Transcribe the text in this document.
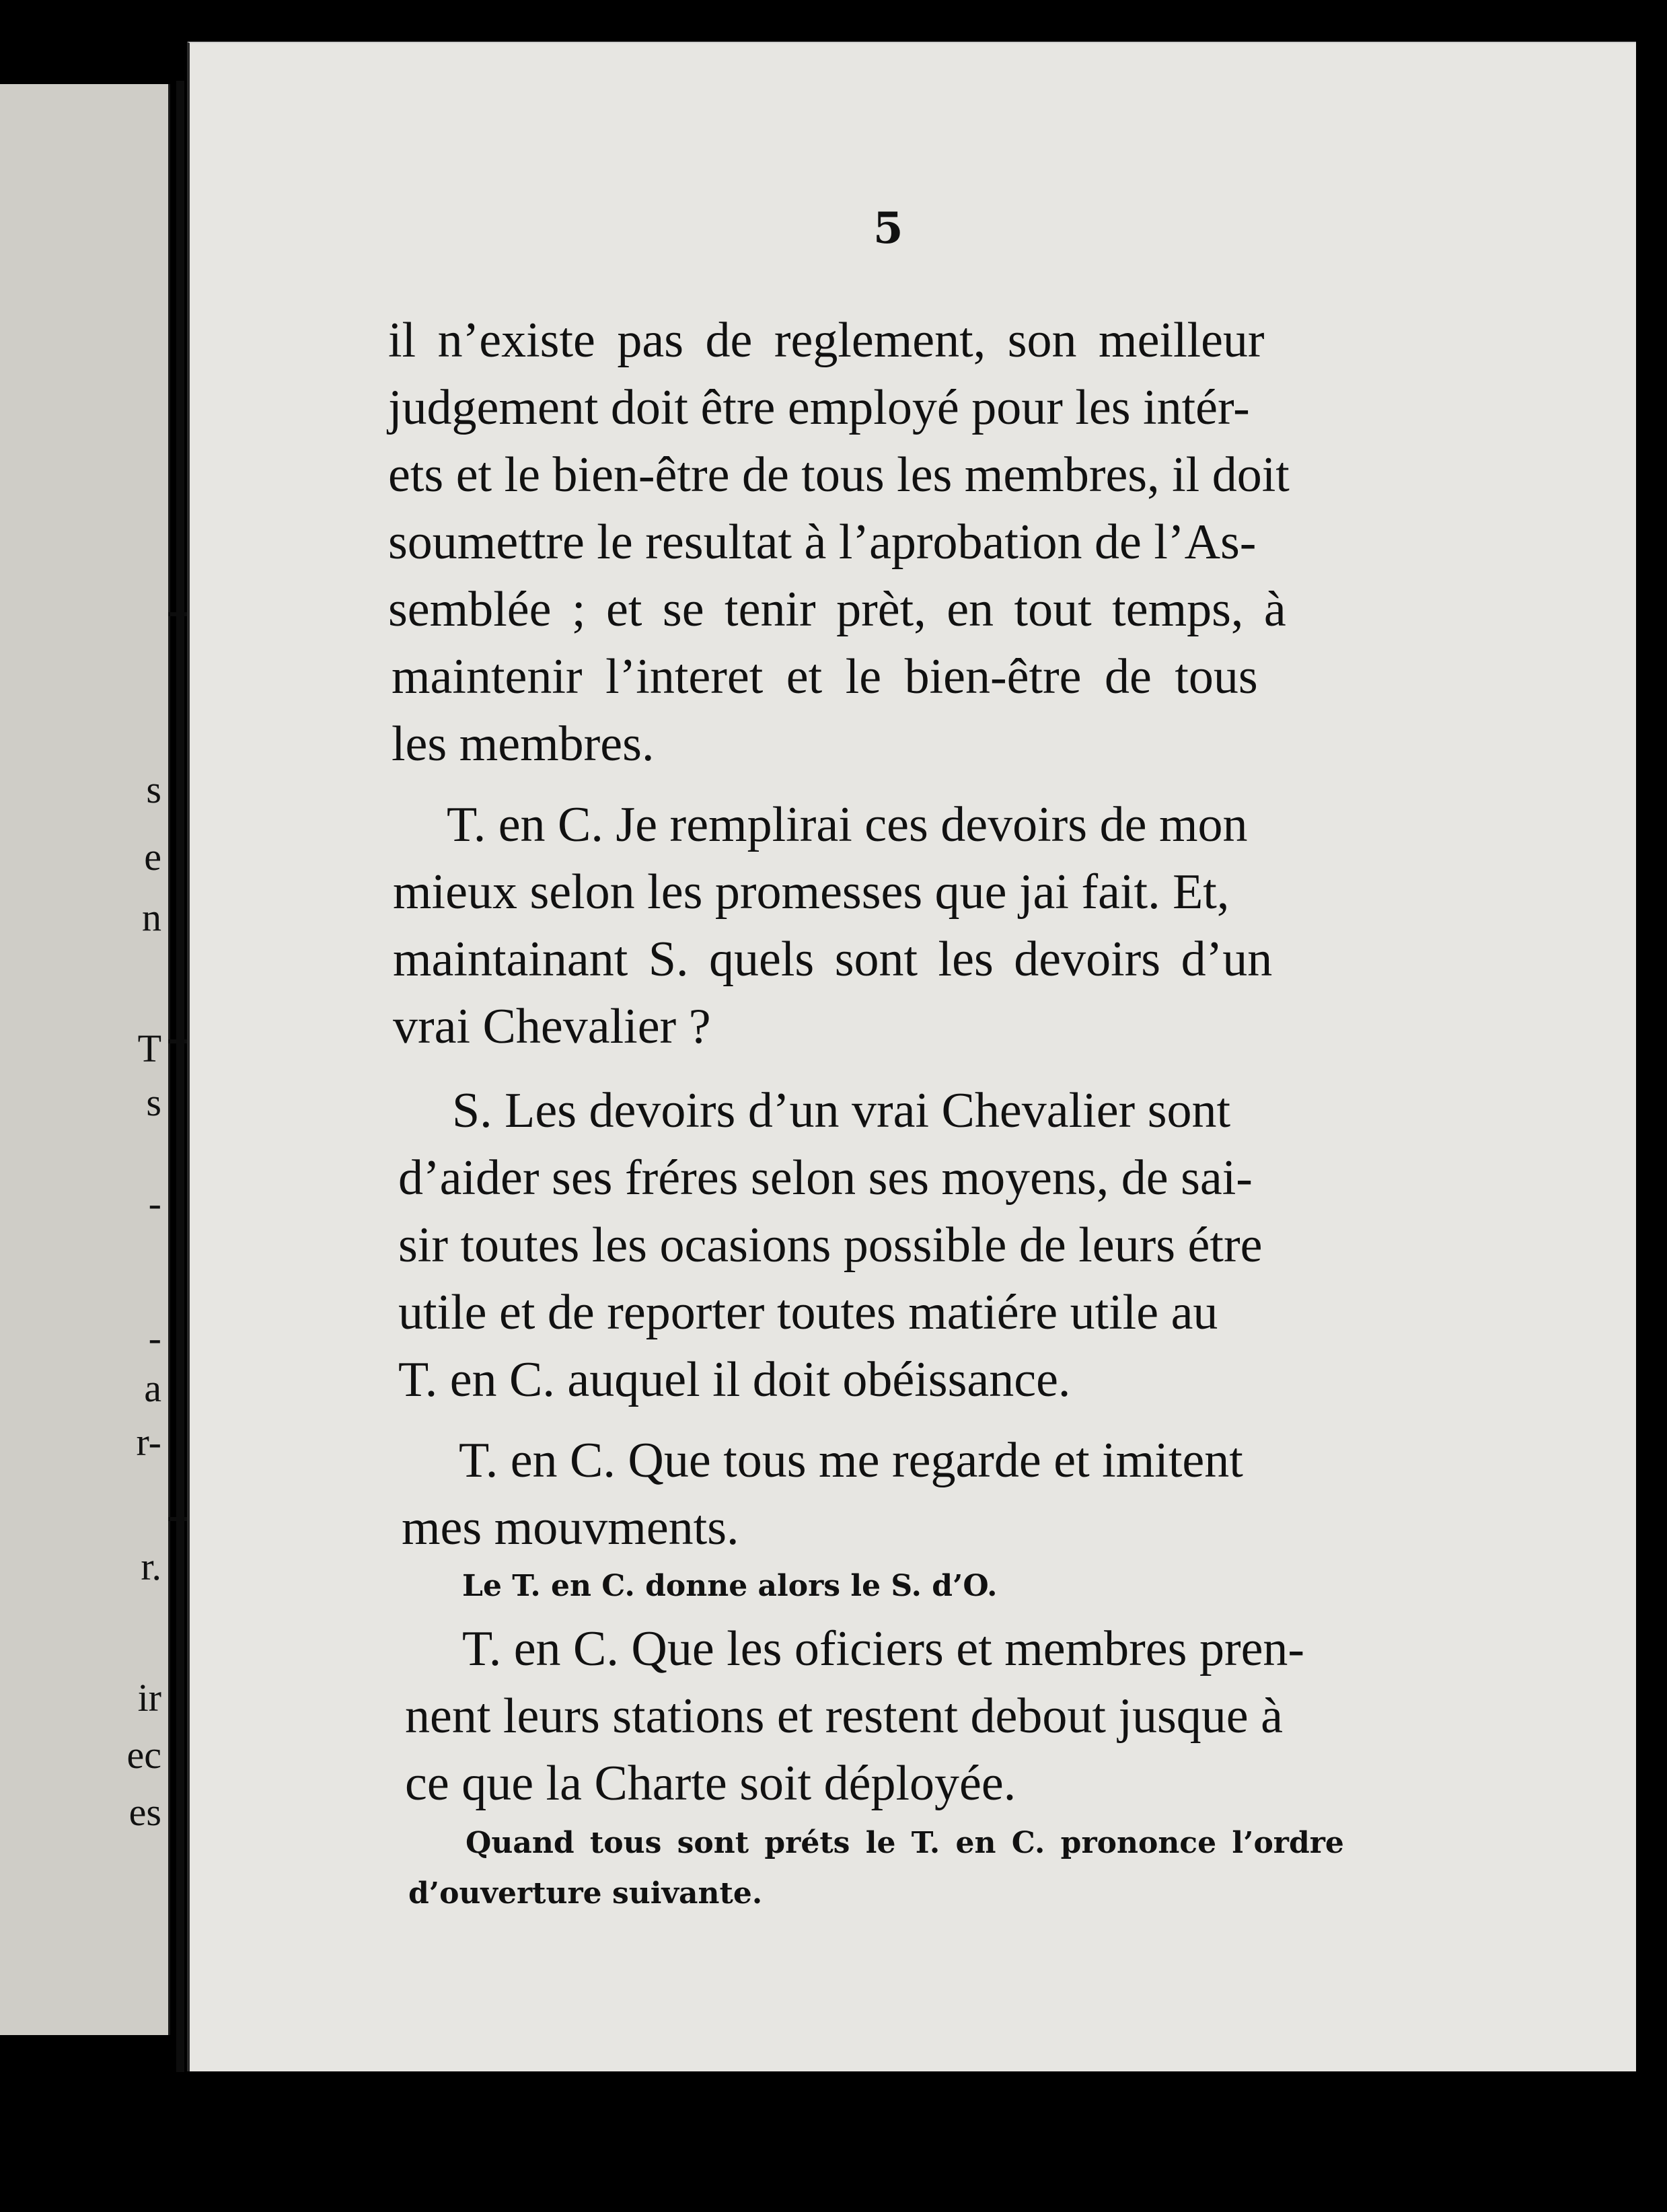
s
e
n
T
s
-
-
a
r-
r.
ir
ec
es
5
il n’existe pas de reglement, son meilleur
judgement doit être employé pour les intér-
ets et le bien-être de tous les membres, il doit
soumettre le resultat à l’aprobation de l’As-
semblée ; et se tenir prèt, en tout temps, à
maintenir l’interet et le bien-être de tous
les membres.
T. en C. Je remplirai ces devoirs de mon
mieux selon les promesses que jai fait. Et,
maintainant S. quels sont les devoirs d’un
vrai Chevalier ?
S. Les devoirs d’un vrai Chevalier sont
d’aider ses fréres selon ses moyens, de sai-
sir toutes les ocasions possible de leurs étre
utile et de reporter toutes matiére utile au
T. en C. auquel il doit obéissance.
T. en C. Que tous me regarde et imitent
mes mouvments.
Le T. en C. donne alors le S. d’O.
T. en C. Que les oficiers et membres pren-
nent leurs stations et restent debout jusque à
ce que la Charte soit déployée.
Quand tous sont préts le T. en C. prononce l’ordre
d’ouverture suivante.
